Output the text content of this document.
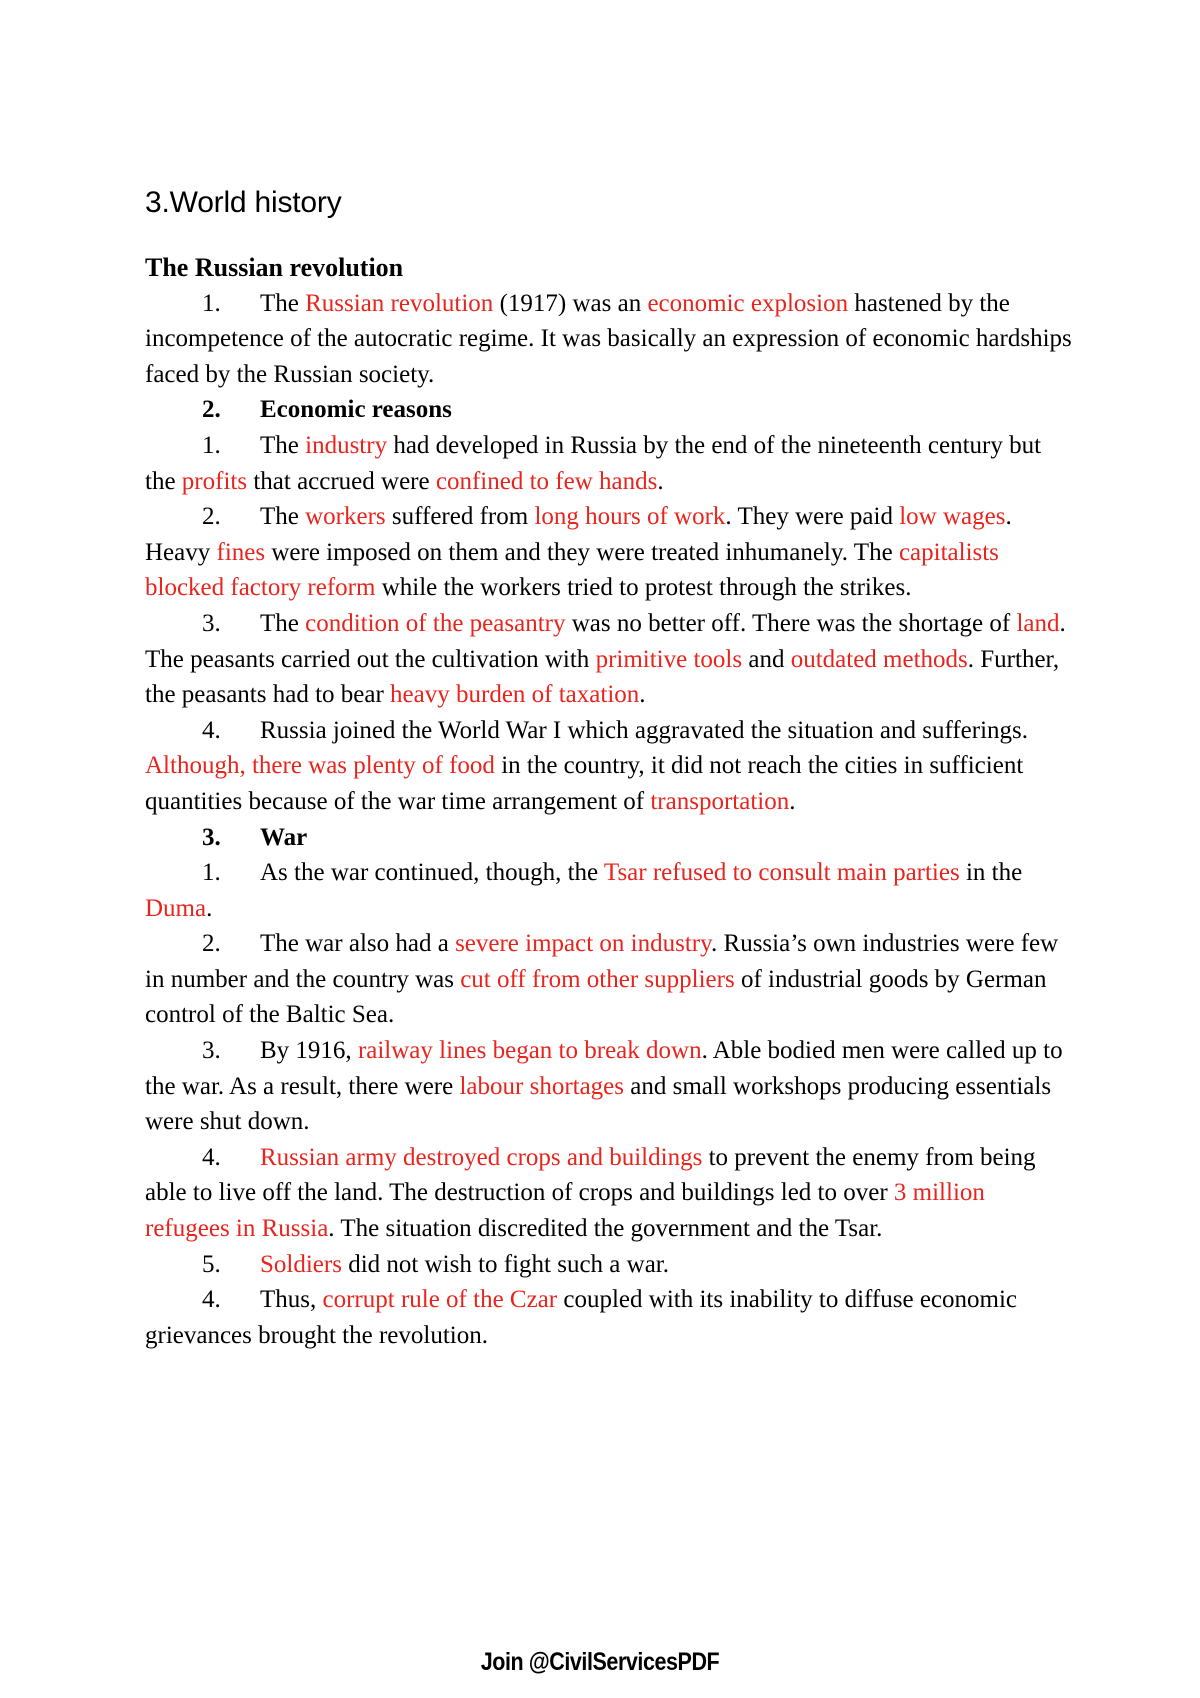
3.World history
The Russian revolution

1. The Russian revolution (1917) was an economic explosion hastened by the incompetence of the autocratic regime. It was basically an expression of economic hardships faced by the Russian society.

2. Economic reasons

1. The industry had developed in Russia by the end of the nineteenth century but the profits that accrued were confined to few hands.

2. The workers suffered from long hours of work. They were paid low wages. Heavy fines were imposed on them and they were treated inhumanely. The capitalists blocked factory reform while the workers tried to protest through the strikes.

3. The condition of the peasantry was no better off. There was the shortage of land. The peasants carried out the cultivation with primitive tools and outdated methods. Further, the peasants had to bear heavy burden of taxation.

4. Russia joined the World War I which aggravated the situation and sufferings. Although, there was plenty of food in the country, it did not reach the cities in sufficient quantities because of the war time arrangement of transportation.

3. War

1. As the war continued, though, the Tsar refused to consult main parties in the Duma.

2. The war also had a severe impact on industry. Russia’s own industries were few in number and the country was cut off from other suppliers of industrial goods by German control of the Baltic Sea.

3. By 1916, railway lines began to break down. Able bodied men were called up to the war. As a result, there were labour shortages and small workshops producing essentials were shut down.

4. Russian army destroyed crops and buildings to prevent the enemy from being able to live off the land. The destruction of crops and buildings led to over 3 million refugees in Russia. The situation discredited the government and the Tsar.

5. Soldiers did not wish to fight such a war.

4. Thus, corrupt rule of the Czar coupled with its inability to diffuse economic grievances brought the revolution.

Join @CivilServicesPDF
